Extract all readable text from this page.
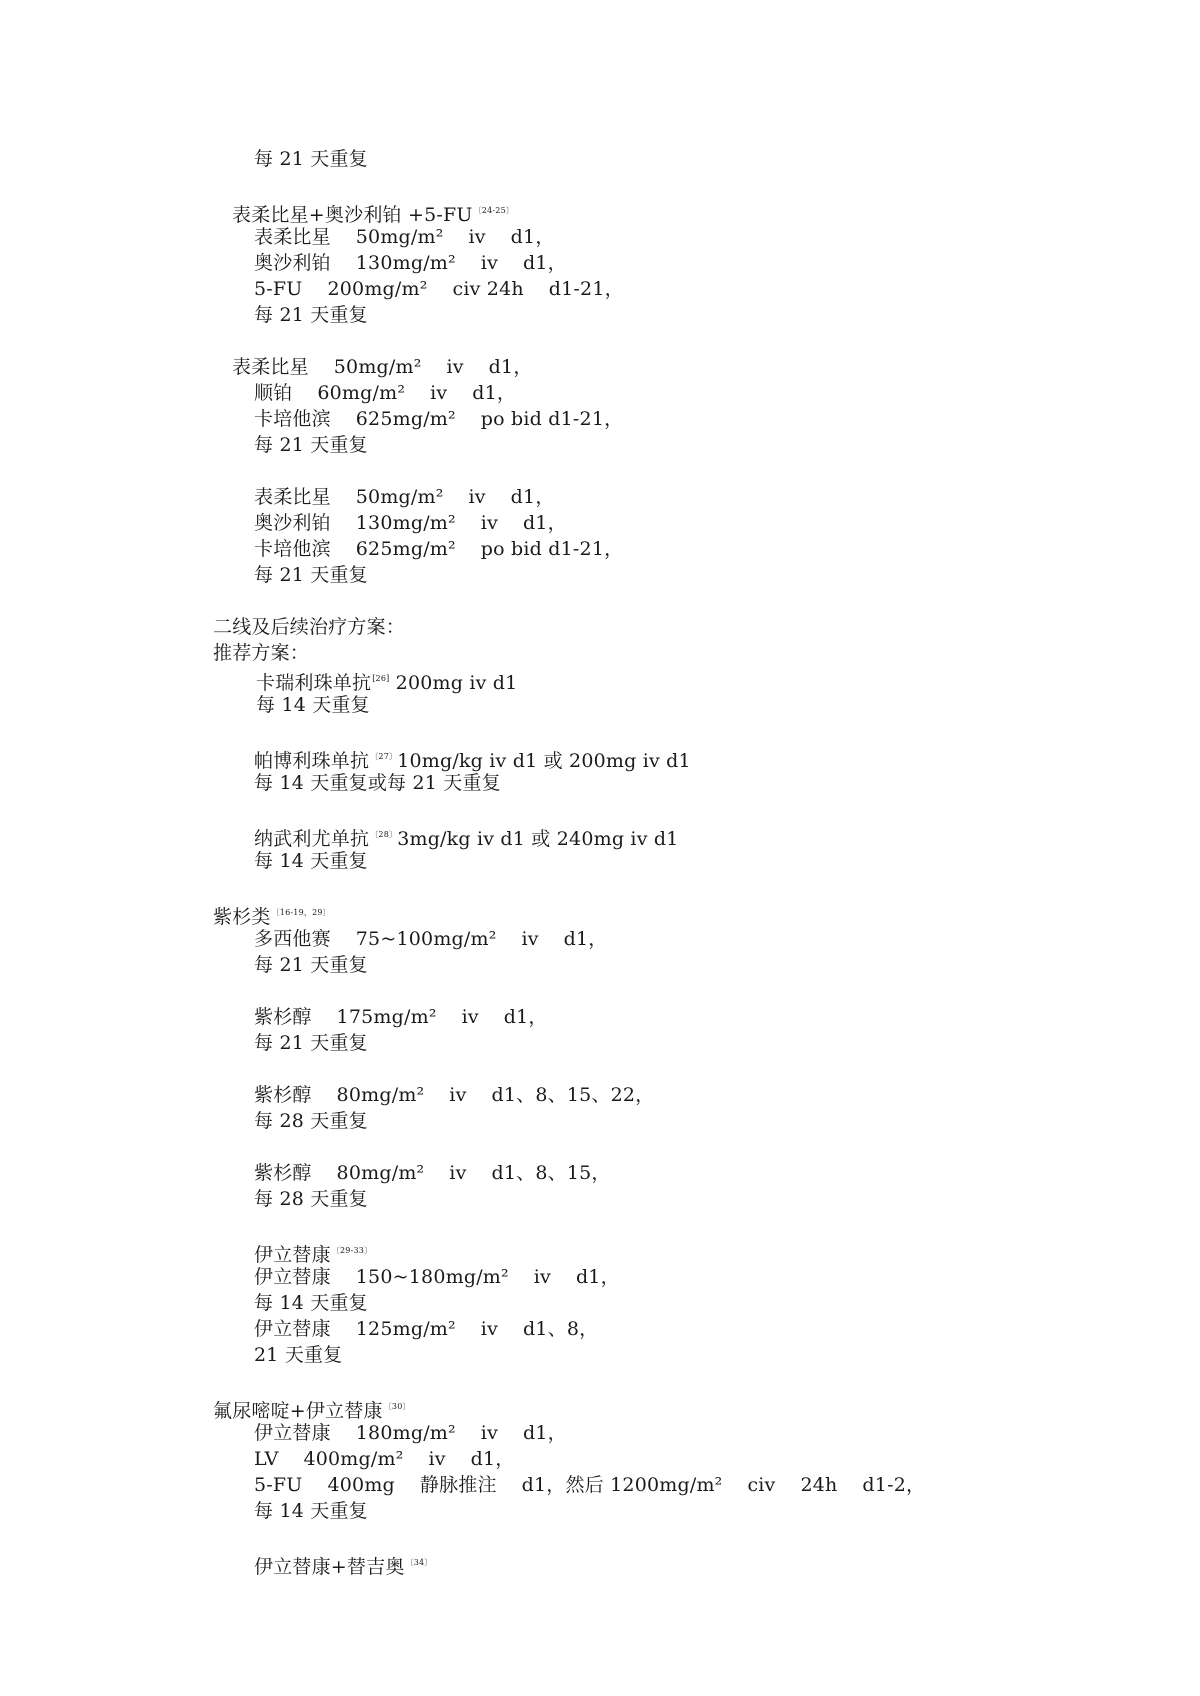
每 21 天重复
表柔比星+奥沙利铂 $+5-FU^{〔24-25〕}$
表柔比星    50mg/m²    iv    d1，
奥沙利铂    130mg/m²    iv    d1，
5-FU    200mg/m²    civ 24h    d1-21，
每 21 天重复
表柔比星    50mg/m²    iv    d1，
顺铂    60mg/m²    iv    d1，
卡培他滨    625mg/m²    po bid d1-21，
每 21 天重复
表柔比星    50mg/m²    iv    d1，
奥沙利铂    130mg/m²    iv    d1，
卡培他滨    625mg/m²    po bid d1-21，
每 21 天重复
二线及后续治疗方案：
推荐方案：
卡瑞利珠单抗[26] 200mg iv d1
每 14 天重复
帕博利珠单抗$^{〔27〕}$10mg/kg iv d1 或 200mg iv d1
每 14 天重复或每 21 天重复
纳武利尤单抗$^{〔28〕}$3mg/kg iv d1 或 240mg iv d1
每 14 天重复
紫杉类$^{〔16-19,29〕}$
多西他赛    75~100mg/m²    iv    d1，
每 21 天重复
紫杉醇    175mg/m²    iv    d1，
每 21 天重复
紫杉醇    80mg/m²    iv    d1、8、15、22，
每 28 天重复
紫杉醇    80mg/m²    iv    d1、8、15，
每 28 天重复
伊立替康$^{〔29-33〕}$
伊立替康    150~180mg/m²    iv    d1，
每 14 天重复
伊立替康    125mg/m²    iv    d1、8，
21 天重复
氟尿嘧啶+伊立替康$^{〔30〕}$
伊立替康    180mg/m²    iv    d1，
LV    400mg/m²    iv    d1，
5-FU    400mg    静脉推注    d1，然后 1200mg/m²    civ    24h    d1-2，
每 14 天重复
伊立替康+替吉奥$^{〔34〕}$
